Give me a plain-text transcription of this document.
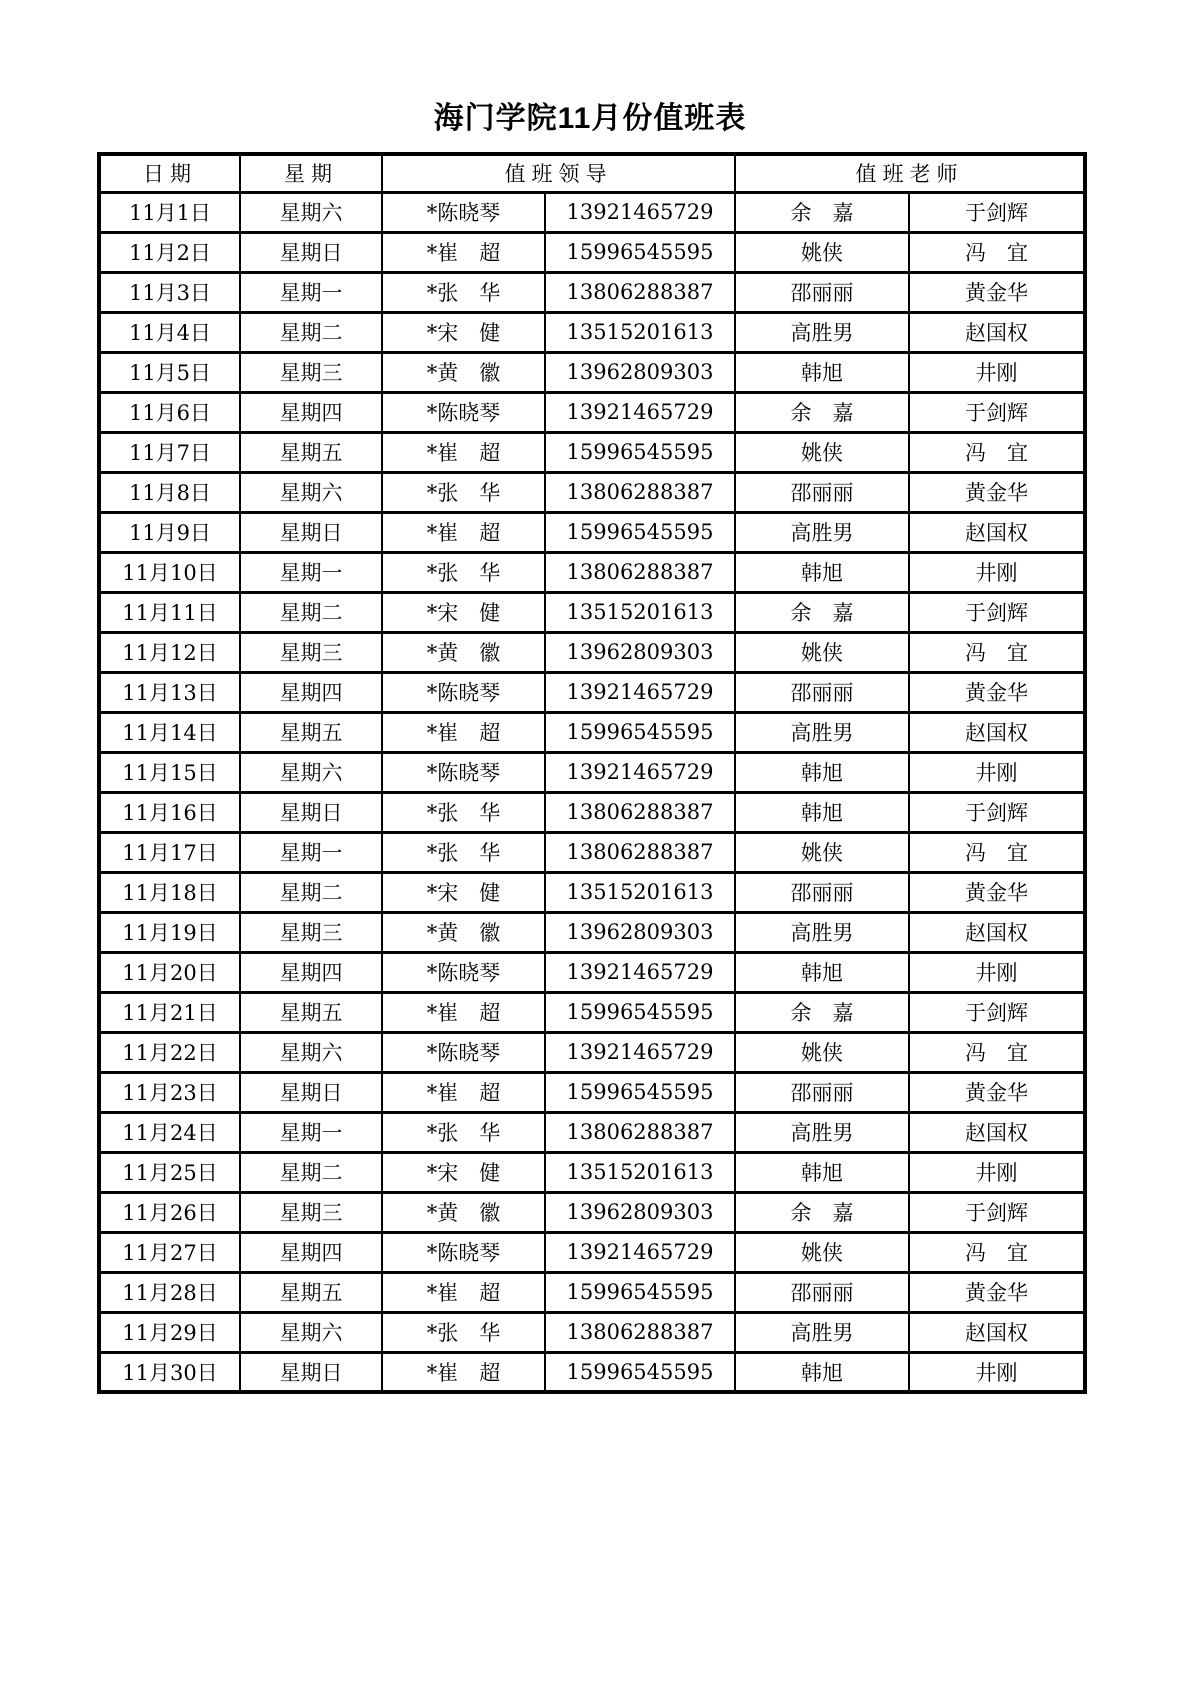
海门学院11月份值班表
日期	星期	值班领导		值班老师	
11月1日	星期六	*陈晓琴	13921465729	余　嘉	于剑辉
11月2日	星期日	*崔　超	15996545595	姚侠	冯　宜
11月3日	星期一	*张　华	13806288387	邵丽丽	黄金华
11月4日	星期二	*宋　健	13515201613	高胜男	赵国权
11月5日	星期三	*黄　徽	13962809303	韩旭	井刚
11月6日	星期四	*陈晓琴	13921465729	余　嘉	于剑辉
11月7日	星期五	*崔　超	15996545595	姚侠	冯　宜
11月8日	星期六	*张　华	13806288387	邵丽丽	黄金华
11月9日	星期日	*崔　超	15996545595	高胜男	赵国权
11月10日	星期一	*张　华	13806288387	韩旭	井刚
11月11日	星期二	*宋　健	13515201613	余　嘉	于剑辉
11月12日	星期三	*黄　徽	13962809303	姚侠	冯　宜
11月13日	星期四	*陈晓琴	13921465729	邵丽丽	黄金华
11月14日	星期五	*崔　超	15996545595	高胜男	赵国权
11月15日	星期六	*陈晓琴	13921465729	韩旭	井刚
11月16日	星期日	*张　华	13806288387	韩旭	于剑辉
11月17日	星期一	*张　华	13806288387	姚侠	冯　宜
11月18日	星期二	*宋　健	13515201613	邵丽丽	黄金华
11月19日	星期三	*黄　徽	13962809303	高胜男	赵国权
11月20日	星期四	*陈晓琴	13921465729	韩旭	井刚
11月21日	星期五	*崔　超	15996545595	余　嘉	于剑辉
11月22日	星期六	*陈晓琴	13921465729	姚侠	冯　宜
11月23日	星期日	*崔　超	15996545595	邵丽丽	黄金华
11月24日	星期一	*张　华	13806288387	高胜男	赵国权
11月25日	星期二	*宋　健	13515201613	韩旭	井刚
11月26日	星期三	*黄　徽	13962809303	余　嘉	于剑辉
11月27日	星期四	*陈晓琴	13921465729	姚侠	冯　宜
11月28日	星期五	*崔　超	15996545595	邵丽丽	黄金华
11月29日	星期六	*张　华	13806288387	高胜男	赵国权
11月30日	星期日	*崔　超	15996545595	韩旭	井刚
